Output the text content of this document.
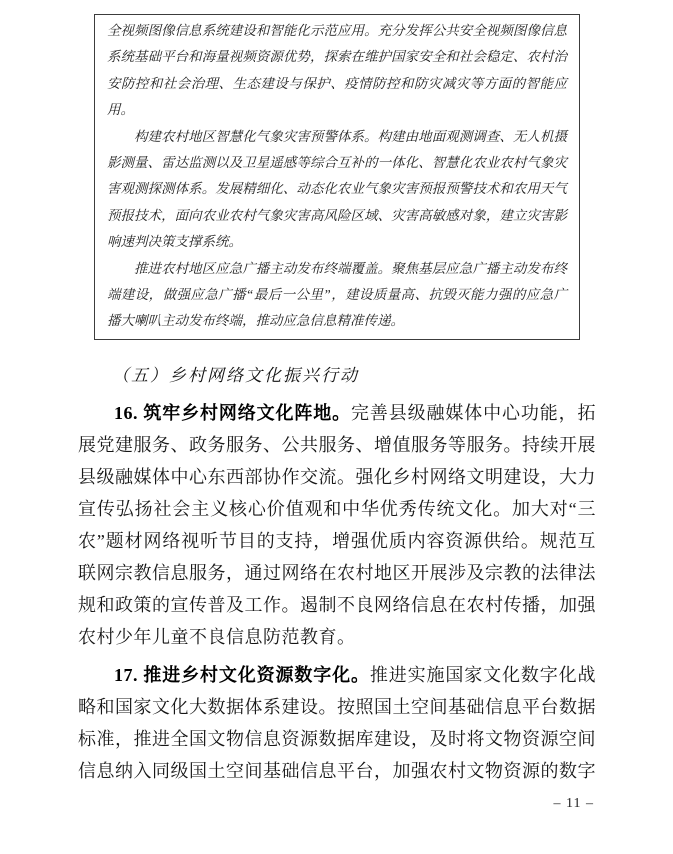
全视频图像信息系统建设和智能化示范应用。充分发挥公共安全视频图像信息系统基础平台和海量视频资源优势，探索在维护国家安全和社会稳定、农村治安防控和社会治理、生态建设与保护、疫情防控和防灾减灾等方面的智能应用。

构建农村地区智慧化气象灾害预警体系。构建由地面观测调查、无人机摄影测量、雷达监测以及卫星遥感等综合互补的一体化、智慧化农业农村气象灾害观测探测体系。发展精细化、动态化农业气象灾害预报预警技术和农用天气预报技术，面向农业农村气象灾害高风险区域、灾害高敏感对象，建立灾害影响速判决策支撑系统。

推进农村地区应急广播主动发布终端覆盖。聚焦基层应急广播主动发布终端建设，做强应急广播“最后一公里”，建设质量高、抗毁灭能力强的应急广播大喇叭主动发布终端，推动应急信息精准传递。

（五）乡村网络文化振兴行动

16. 筑牢乡村网络文化阵地。完善县级融媒体中心功能，拓展党建服务、政务服务、公共服务、增值服务等服务。持续开展县级融媒体中心东西部协作交流。强化乡村网络文明建设，大力宣传弘扬社会主义核心价值观和中华优秀传统文化。加大对“三农”题材网络视听节目的支持，增强优质内容资源供给。规范互联网宗教信息服务，通过网络在农村地区开展涉及宗教的法律法规和政策的宣传普及工作。遏制不良网络信息在农村传播，加强农村少年儿童不良信息防范教育。

17. 推进乡村文化资源数字化。推进实施国家文化数字化战略和国家文化大数据体系建设。按照国土空间基础信息平台数据标准，推进全国文物信息资源数据库建设，及时将文物资源空间信息纳入同级国土空间基础信息平台，加强农村文物资源的数字

– 11 –
